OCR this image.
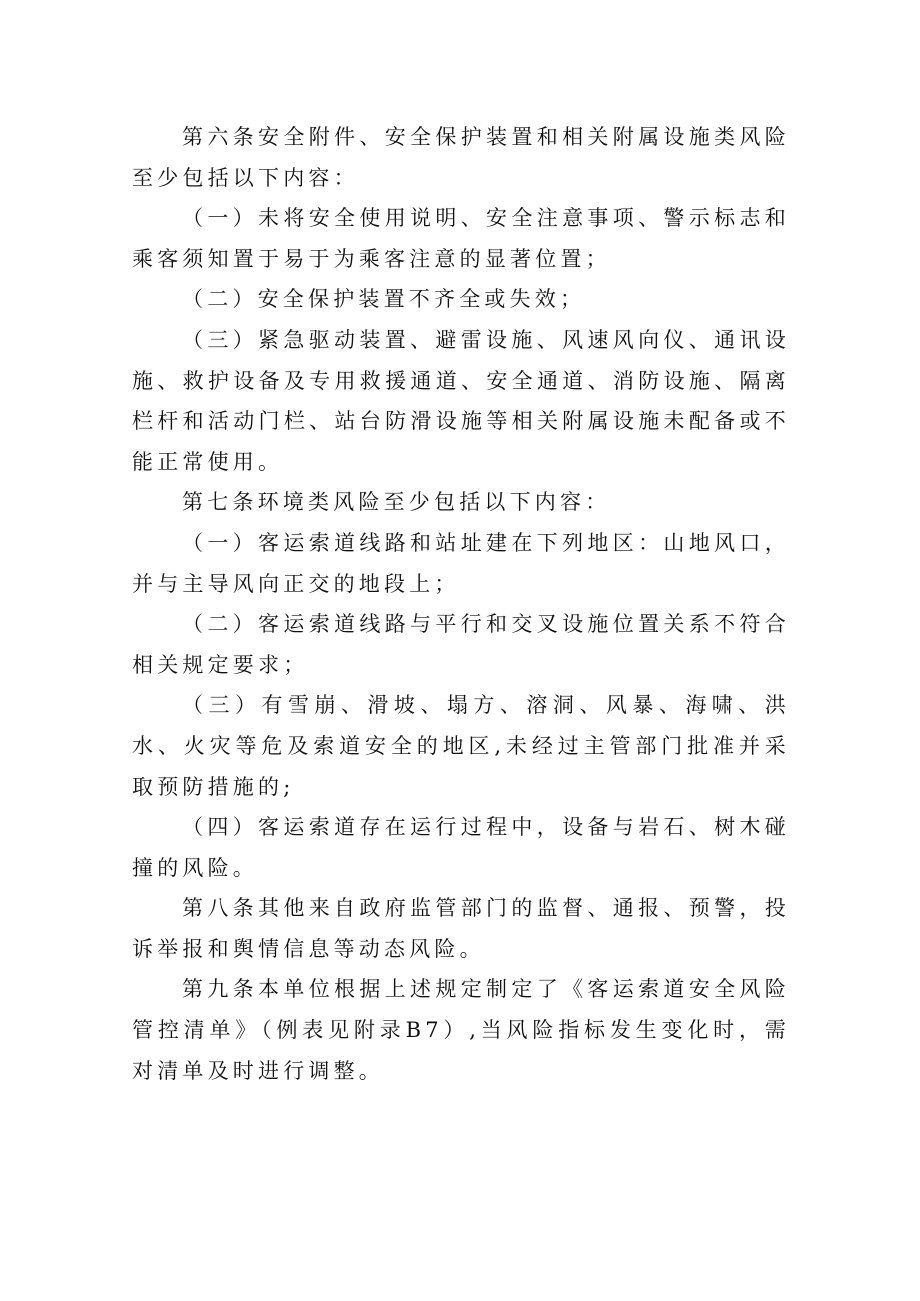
第六条安全附件、安全保护装置和相关附属设施类风险至少包括以下内容：

（一）未将安全使用说明、安全注意事项、警示标志和乘客须知置于易于为乘客注意的显著位置；

（二）安全保护装置不齐全或失效；

（三）紧急驱动装置、避雷设施、风速风向仪、通讯设施、救护设备及专用救援通道、安全通道、消防设施、隔离栏杆和活动门栏、站台防滑设施等相关附属设施未配备或不能正常使用。

第七条环境类风险至少包括以下内容：

（一）客运索道线路和站址建在下列地区：山地风口，并与主导风向正交的地段上；

（二）客运索道线路与平行和交叉设施位置关系不符合相关规定要求；

（三）有雪崩、滑坡、塌方、溶洞、风暴、海啸、洪水、火灾等危及索道安全的地区,未经过主管部门批准并采取预防措施的;

（四）客运索道存在运行过程中，设备与岩石、树木碰撞的风险。

第八条其他来自政府监管部门的监督、通报、预警，投诉举报和舆情信息等动态风险。

第九条本单位根据上述规定制定了《客运索道安全风险管控清单》（例表见附录B7）,当风险指标发生变化时，需对清单及时进行调整。
